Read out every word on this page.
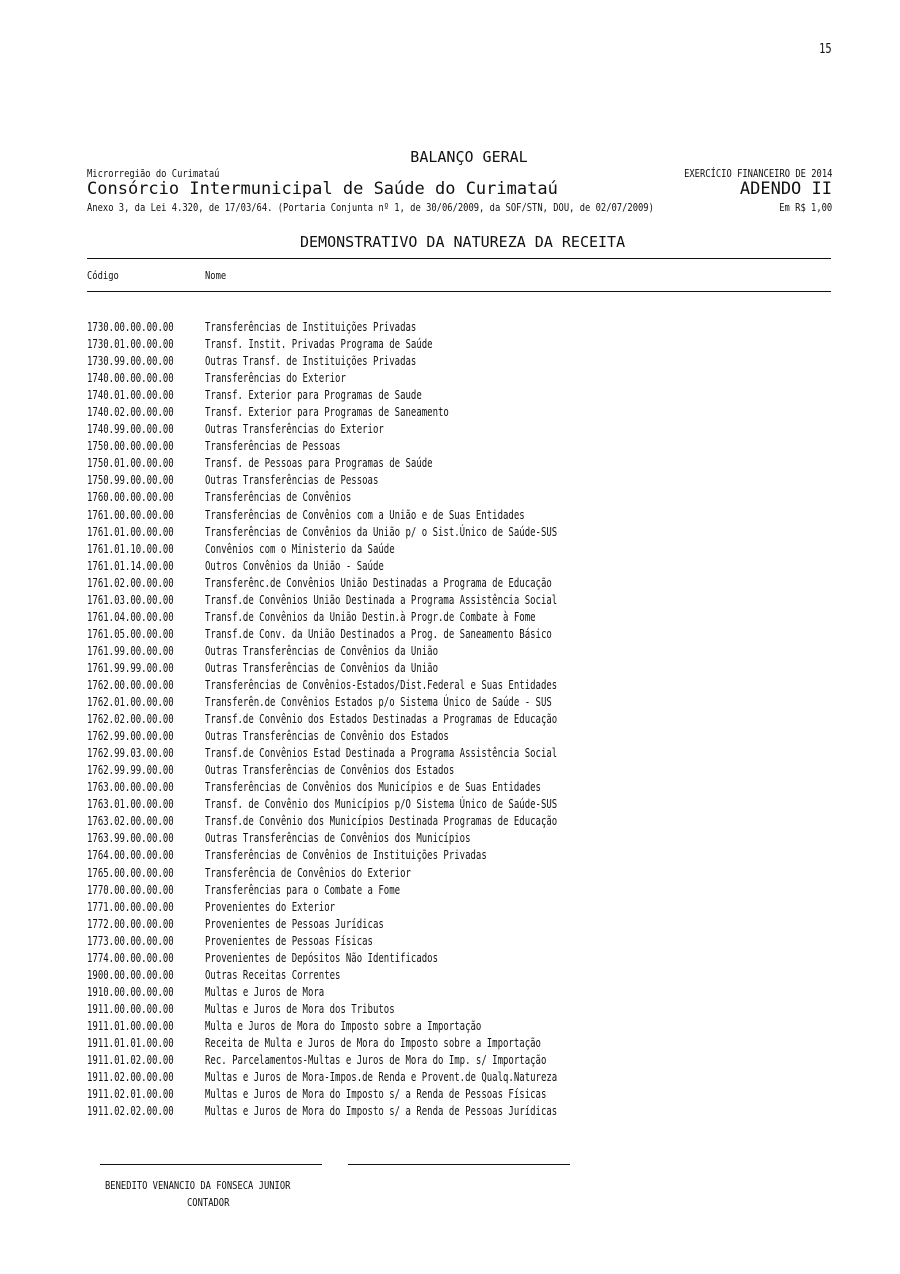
15
BALANÇO GERAL
Microrregião do Curimataú	EXERCÍCIO FINANCEIRO DE 2014
Consórcio Intermunicipal de Saúde do Curimataú	ADENDO II
Anexo 3, da Lei 4.320, de 17/03/64. (Portaria Conjunta nº 1, de 30/06/2009, da SOF/STN, DOU, de 02/07/2009)	Em R$ 1,00
DEMONSTRATIVO DA NATUREZA DA RECEITA
Código	Nome
1730.00.00.00.00	Transferências de Instituições Privadas
1730.01.00.00.00	Transf. Instit. Privadas Programa de Saúde
1730.99.00.00.00	Outras Transf. de Instituições Privadas
1740.00.00.00.00	Transferências do Exterior
1740.01.00.00.00	Transf. Exterior para Programas de Saude
1740.02.00.00.00	Transf. Exterior para Programas de Saneamento
1740.99.00.00.00	Outras Transferências do Exterior
1750.00.00.00.00	Transferências de Pessoas
1750.01.00.00.00	Transf. de Pessoas para Programas de Saúde
1750.99.00.00.00	Outras Transferências de Pessoas
1760.00.00.00.00	Transferências de Convênios
1761.00.00.00.00	Transferências de Convênios com a União e de Suas Entidades
1761.01.00.00.00	Transferências de Convênios da União p/ o Sist.Único de Saúde-SUS
1761.01.10.00.00	Convênios com o Ministerio da Saúde
1761.01.14.00.00	Outros Convênios da União - Saúde
1761.02.00.00.00	Transferênc.de Convênios União Destinadas a Programa de Educação
1761.03.00.00.00	Transf.de Convênios União Destinada a Programa Assistência Social
1761.04.00.00.00	Transf.de Convênios da União Destin.à Progr.de Combate à Fome
1761.05.00.00.00	Transf.de Conv. da União Destinados a Prog. de Saneamento Básico
1761.99.00.00.00	Outras Transferências de Convênios da União
1761.99.99.00.00	Outras Transferências de Convênios da União
1762.00.00.00.00	Transferências de Convênios-Estados/Dist.Federal e Suas Entidades
1762.01.00.00.00	Transferên.de Convênios Estados p/o Sistema Único de Saúde - SUS
1762.02.00.00.00	Transf.de Convênio dos Estados Destinadas a Programas de Educação
1762.99.00.00.00	Outras Transferências de Convênio dos Estados
1762.99.03.00.00	Transf.de Convênios Estad Destinada a Programa Assistência Social
1762.99.99.00.00	Outras Transferências de Convênios dos Estados
1763.00.00.00.00	Transferências de Convênios dos Municípios e de Suas Entidades
1763.01.00.00.00	Transf. de Convênio dos Municípios p/O Sistema Único de Saúde-SUS
1763.02.00.00.00	Transf.de Convênio dos Municípios Destinada Programas de Educação
1763.99.00.00.00	Outras Transferências de Convênios dos Municípios
1764.00.00.00.00	Transferências de Convênios de Instituições Privadas
1765.00.00.00.00	Transferência de Convênios do Exterior
1770.00.00.00.00	Transferências para o Combate a Fome
1771.00.00.00.00	Provenientes do Exterior
1772.00.00.00.00	Provenientes de Pessoas Jurídicas
1773.00.00.00.00	Provenientes de Pessoas Físicas
1774.00.00.00.00	Provenientes de Depósitos Não Identificados
1900.00.00.00.00	Outras Receitas Correntes
1910.00.00.00.00	Multas e Juros de Mora
1911.00.00.00.00	Multas e Juros de Mora dos Tributos
1911.01.00.00.00	Multa e Juros de Mora do Imposto sobre a Importação
1911.01.01.00.00	Receita de Multa e Juros de Mora do Imposto sobre a Importação
1911.01.02.00.00	Rec. Parcelamentos-Multas e Juros de Mora do Imp. s/ Importação
1911.02.00.00.00	Multas e Juros de Mora-Impos.de Renda e Provent.de Qualq.Natureza
1911.02.01.00.00	Multas e Juros de Mora do Imposto s/ a Renda de Pessoas Físicas
1911.02.02.00.00	Multas e Juros de Mora do Imposto s/ a Renda de Pessoas Jurídicas
BENEDITO VENANCIO DA FONSECA JUNIOR
CONTADOR
